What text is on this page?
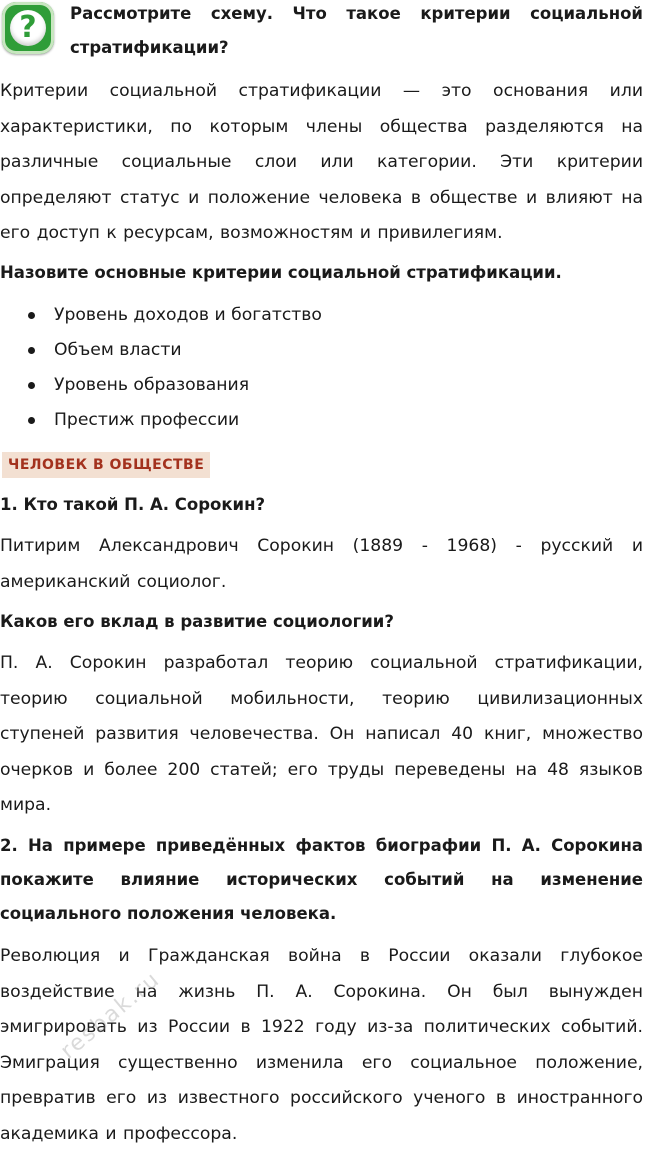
?	Рассмотрите схему. Что такое критерии социальной стратификации?
Критерии социальной стратификации — это основания или характеристики, по которым члены общества разделяются на различные социальные слои или категории. Эти критерии определяют статус и положение человека в обществе и влияют на его доступ к ресурсам, возможностям и привилегиям.
Назовите основные критерии социальной стратификации.
Уровень доходов и богатство
Объем власти
Уровень образования
Престиж профессии
ЧЕЛОВЕК В ОБЩЕСТВЕ
1. Кто такой П. А. Сорокин?
Питирим Александрович Сорокин (1889 - 1968) - русский и американский социолог.
Каков его вклад в развитие социологии?
П. А. Сорокин разработал теорию социальной стратификации, теорию социальной мобильности, теорию цивилизационных ступеней развития человечества. Он написал 40 книг, множество очерков и более 200 статей; его труды переведены на 48 языков мира.
2. На примере приведённых фактов биографии П. А. Сорокина покажите влияние исторических событий на изменение социального положения человека.
Революция и Гражданская война в России оказали глубокое воздействие на жизнь П. А. Сорокина. Он был вынужден эмигрировать из России в 1922 году из-за политических событий. Эмиграция существенно изменила его социальное положение, превратив его из известного российского ученого в иностранного академика и профессора.
resbak.ru
